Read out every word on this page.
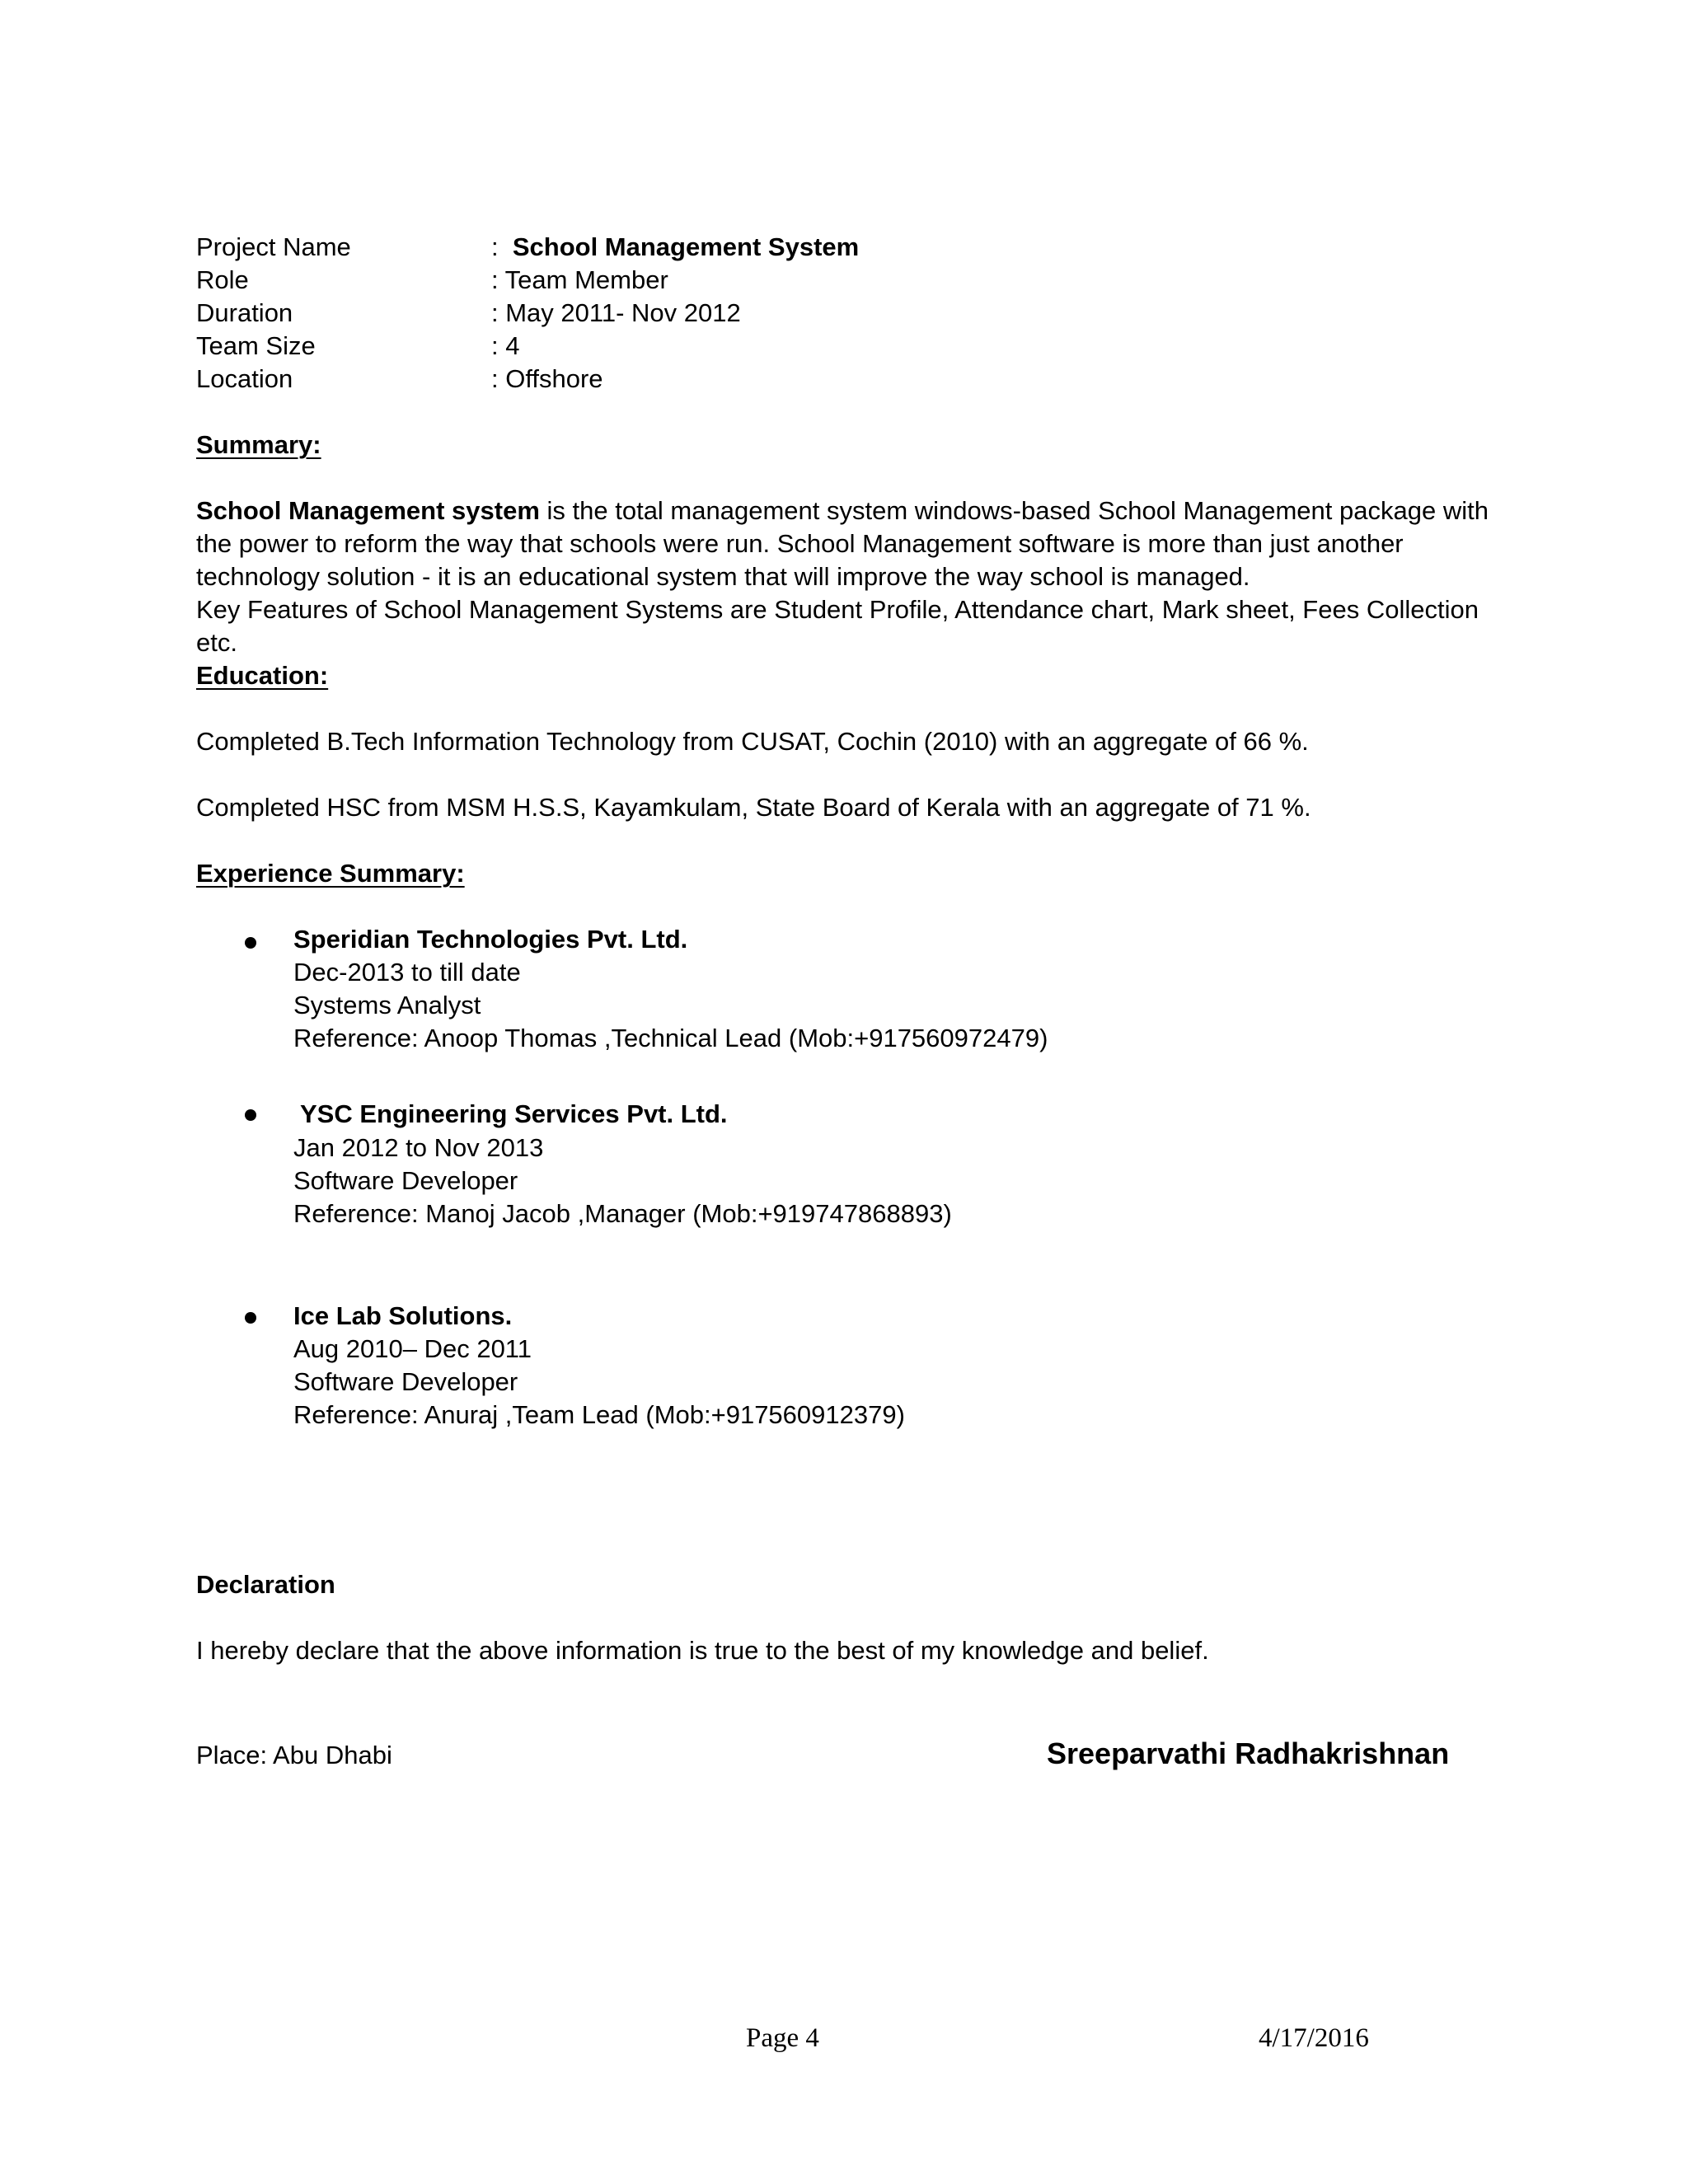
Project Name	: School Management System
Role	: Team Member
Duration	: May 2011- Nov 2012
Team Size	: 4
Location	: Offshore
Summary:
School Management system is the total management system windows-based School Management package with the power to reform the way that schools were run. School Management software is more than just another technology solution - it is an educational system that will improve the way school is managed.
Key Features of School Management Systems are Student Profile, Attendance chart, Mark sheet, Fees Collection etc.
Education:
Completed B.Tech Information Technology from CUSAT, Cochin (2010) with an aggregate of 66 %.
Completed HSC from MSM H.S.S, Kayamkulam, State Board of Kerala with an aggregate of 71 %.
Experience Summary:
Speridian Technologies Pvt. Ltd.
Dec-2013 to till date
Systems Analyst
Reference: Anoop Thomas ,Technical Lead (Mob:+917560972479)
YSC Engineering Services Pvt. Ltd.
Jan 2012 to Nov 2013
Software Developer
Reference: Manoj Jacob ,Manager (Mob:+919747868893)
Ice Lab Solutions.
Aug 2010– Dec 2011
Software Developer
Reference: Anuraj ,Team Lead (Mob:+917560912379)
Declaration
I hereby declare that the above information is true to the best of my knowledge and belief.
Place: Abu Dhabi	Sreeparvathi Radhakrishnan
Page 4	4/17/2016
